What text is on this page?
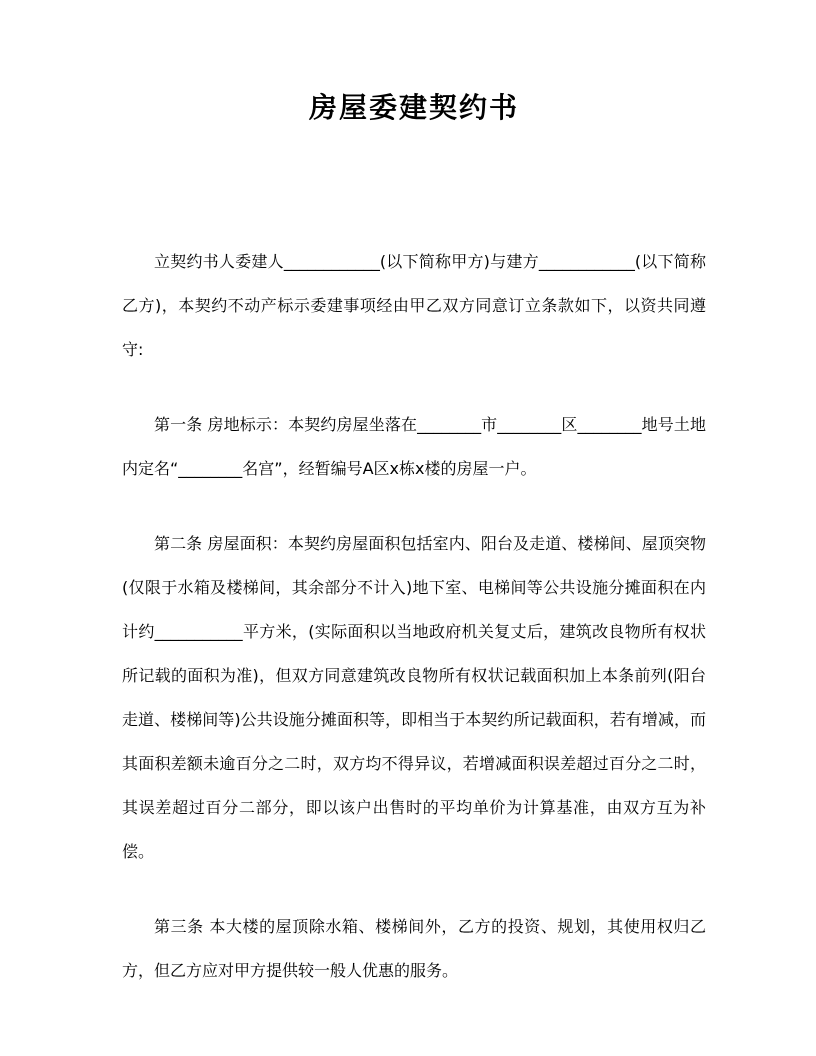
房屋委建契约书

立契约书人委建人____________(以下简称甲方)与建方____________(以下简称乙方)，本契约不动产标示委建事项经由甲乙双方同意订立条款如下，以资共同遵守:

第一条 房地标示：本契约房屋坐落在________市________区________地号土地内定名“________名宫”，经暂编号A区x栋x楼的房屋一户。

第二条 房屋面积：本契约房屋面积包括室内、阳台及走道、楼梯间、屋顶突物(仅限于水箱及楼梯间，其余部分不计入)地下室、电梯间等公共设施分摊面积在内计约___________平方米，(实际面积以当地政府机关复丈后，建筑改良物所有权状所记载的面积为准)，但双方同意建筑改良物所有权状记载面积加上本条前列(阳台走道、楼梯间等)公共设施分摊面积等，即相当于本契约所记载面积，若有增减，而其面积差额未逾百分之二时，双方均不得异议，若增减面积误差超过百分之二时，其误差超过百分二部分，即以该户出售时的平均单价为计算基准，由双方互为补偿。

第三条 本大楼的屋顶除水箱、楼梯间外，乙方的投资、规划，其使用权归乙方，但乙方应对甲方提供较一般人优惠的服务。
